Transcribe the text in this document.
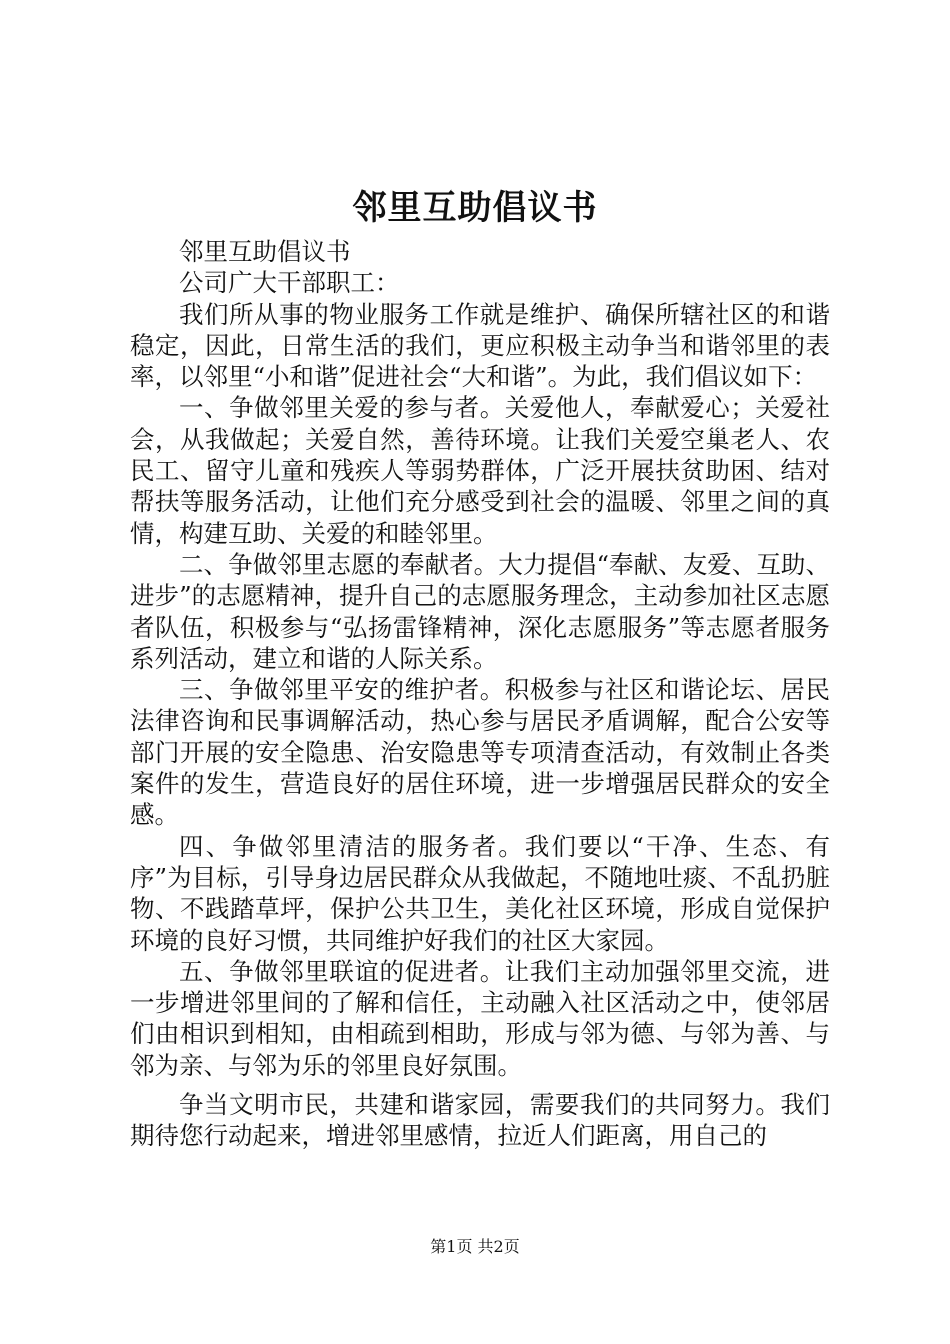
邻里互助倡议书

邻里互助倡议书

公司广大干部职工：

我们所从事的物业服务工作就是维护、确保所辖社区的和谐稳定，因此，日常生活的我们，更应积极主动争当和谐邻里的表率，以邻里“小和谐”促进社会“大和谐”。为此，我们倡议如下：

一、争做邻里关爱的参与者。关爱他人，奉献爱心；关爱社会，从我做起；关爱自然，善待环境。让我们关爱空巢老人、农民工、留守儿童和残疾人等弱势群体，广泛开展扶贫助困、结对帮扶等服务活动，让他们充分感受到社会的温暖、邻里之间的真情，构建互助、关爱的和睦邻里。

二、争做邻里志愿的奉献者。大力提倡“奉献、友爱、互助、进步”的志愿精神，提升自己的志愿服务理念，主动参加社区志愿者队伍，积极参与“弘扬雷锋精神，深化志愿服务”等志愿者服务系列活动，建立和谐的人际关系。

三、争做邻里平安的维护者。积极参与社区和谐论坛、居民法律咨询和民事调解活动，热心参与居民矛盾调解，配合公安等部门开展的安全隐患、治安隐患等专项清查活动，有效制止各类案件的发生，营造良好的居住环境，进一步增强居民群众的安全感。

四、争做邻里清洁的服务者。我们要以“干净、生态、有序”为目标，引导身边居民群众从我做起，不随地吐痰、不乱扔脏物、不践踏草坪，保护公共卫生，美化社区环境，形成自觉保护环境的良好习惯，共同维护好我们的社区大家园。

五、争做邻里联谊的促进者。让我们主动加强邻里交流，进一步增进邻里间的了解和信任，主动融入社区活动之中，使邻居们由相识到相知，由相疏到相助，形成与邻为德、与邻为善、与邻为亲、与邻为乐的邻里良好氛围。

争当文明市民，共建和谐家园，需要我们的共同努力。我们期待您行动起来，增进邻里感情，拉近人们距离，用自己的

第1页 共2页
